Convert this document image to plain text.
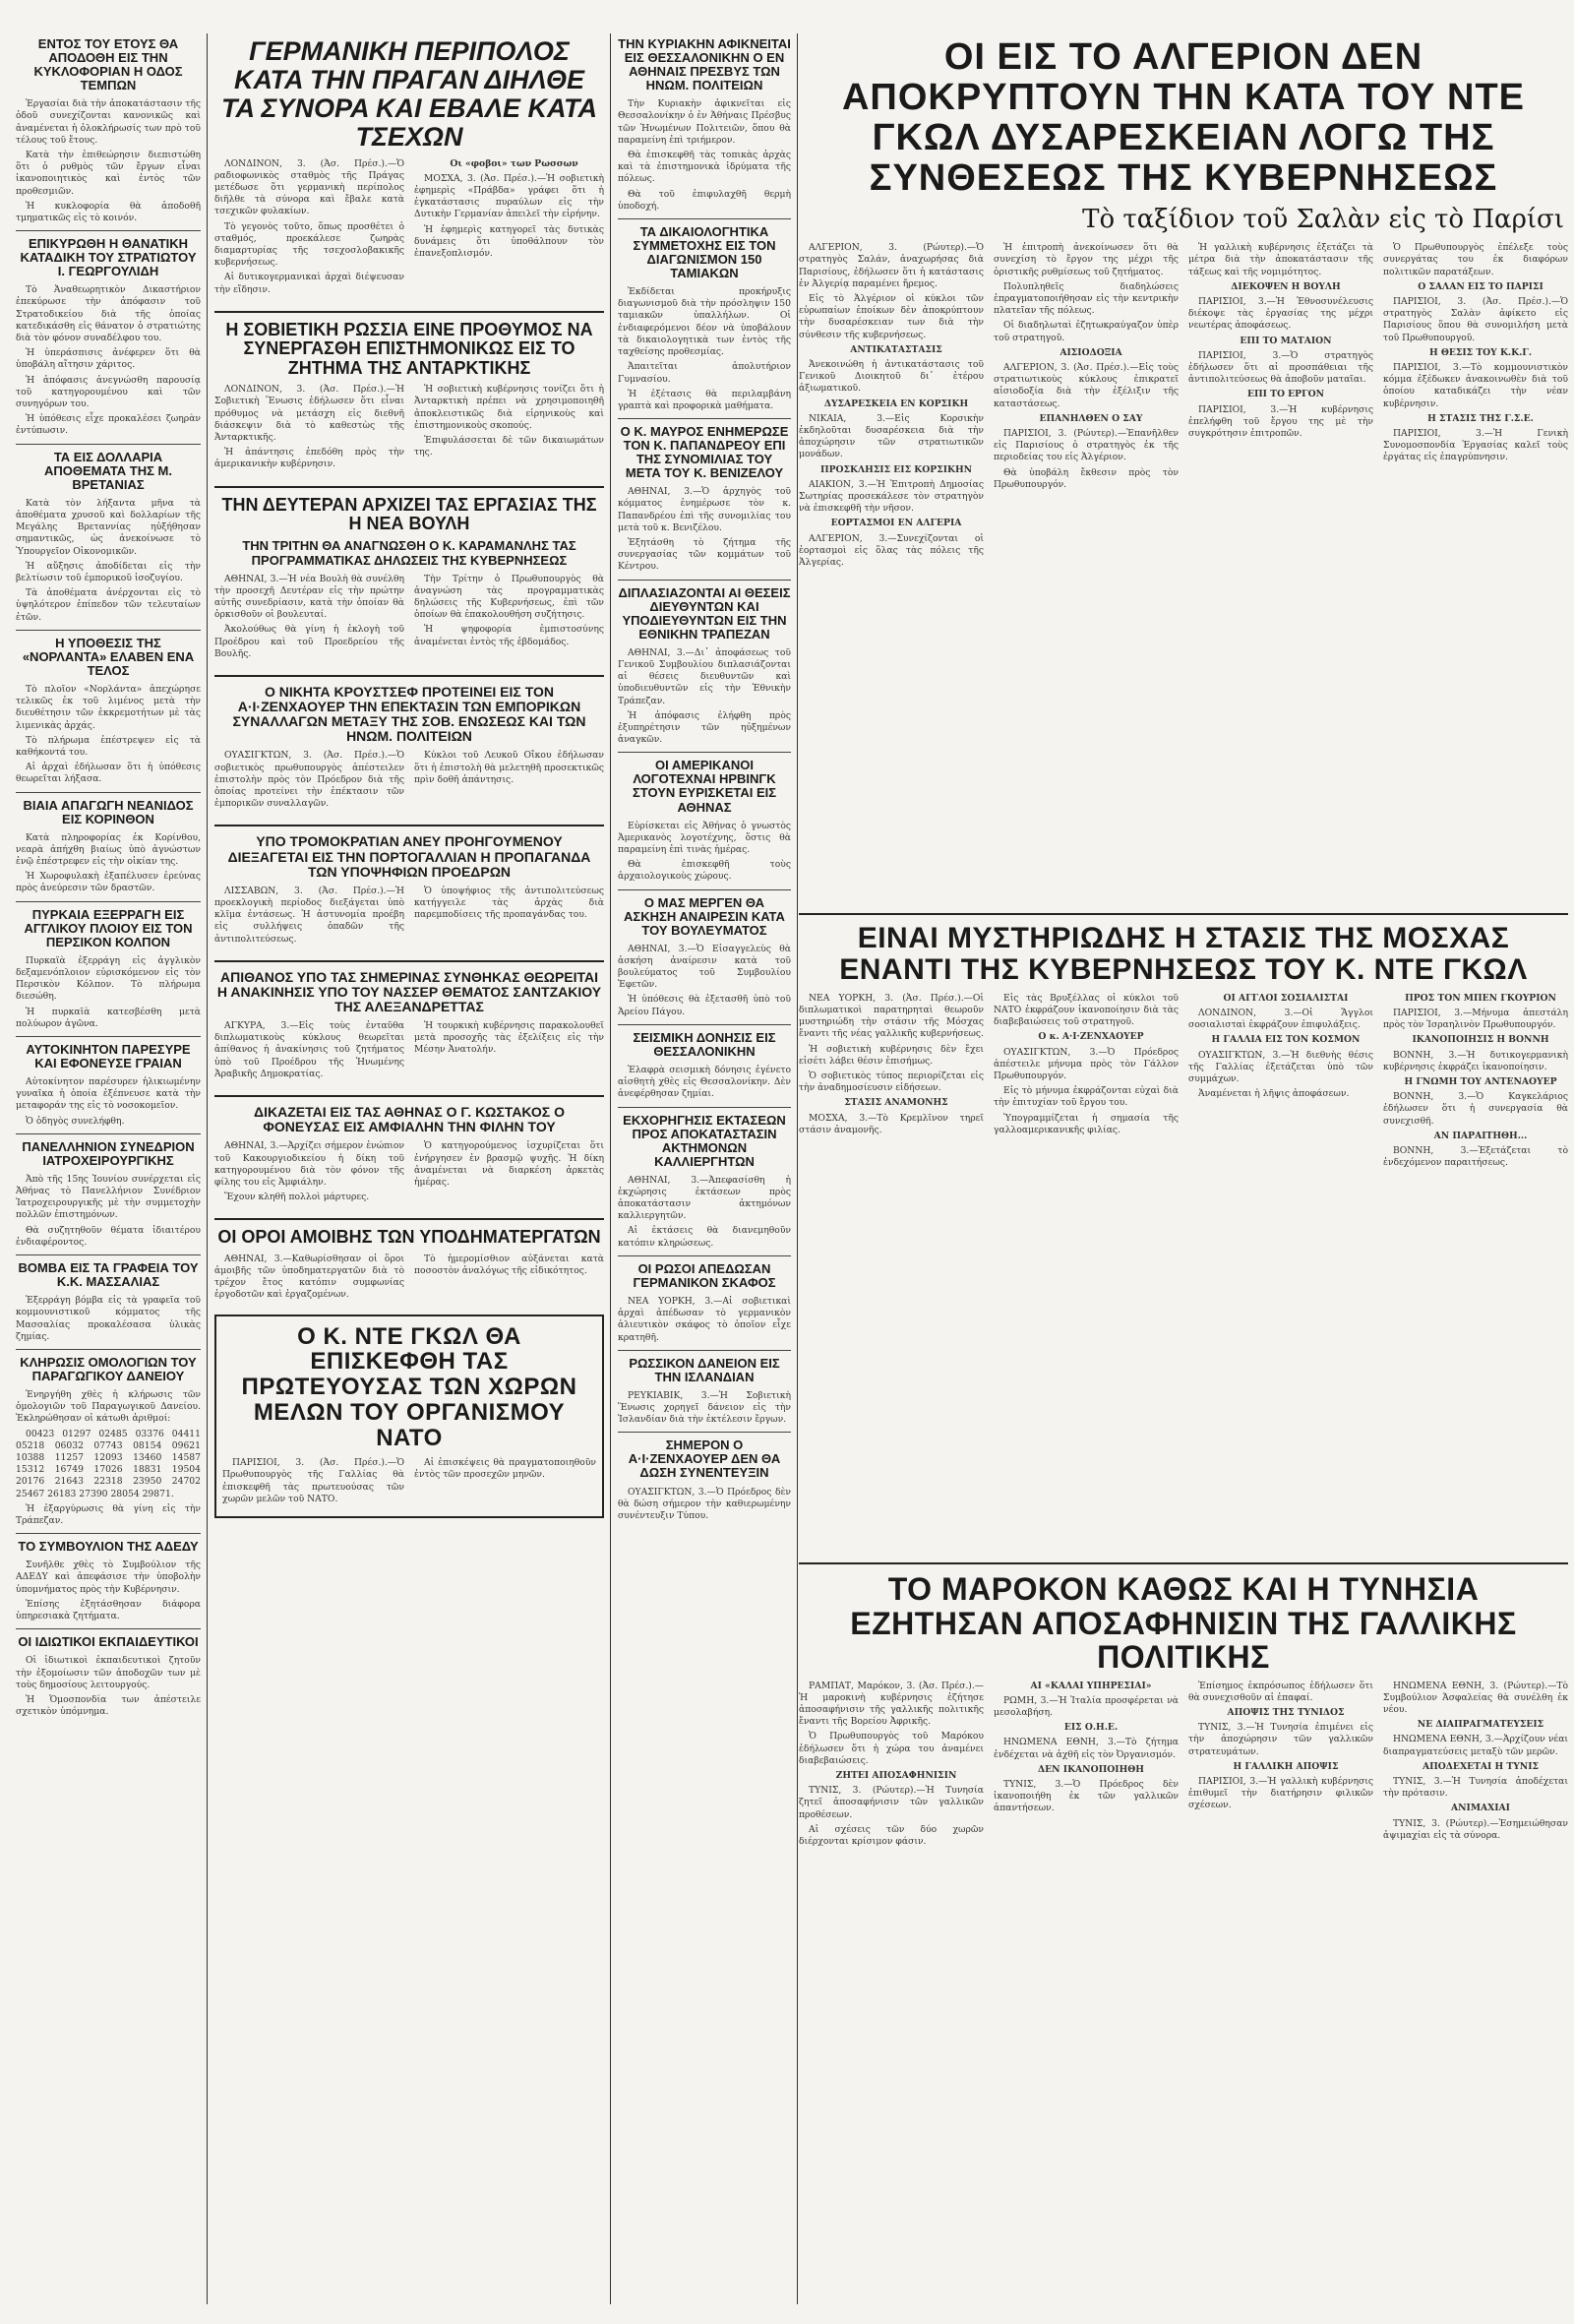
ΕΝΤΟΣ ΤΟΥ ΕΤΟΥΣ ΘΑ ΑΠΟΔΟΘΗ ΕΙΣ ΤΗΝ ΚΥΚΛΟΦΟΡΙΑΝ Η ΟΔΟΣ ΤΕΜΠΩΝ

Ἐργασίαι διὰ τὴν ἀποκατάστασιν τῆς ὁδοῦ συνεχίζονται κανονικῶς καὶ ἀναμένεται ἡ ὁλοκλήρωσίς των πρὸ τοῦ τέλους τοῦ ἔτους.

Κατὰ τὴν ἐπιθεώρησιν διεπιστώθη ὅτι ὁ ρυθμὸς τῶν ἔργων εἶναι ἱκανοποιητικὸς καὶ ἐντὸς τῶν προθεσμιῶν.

Ἡ κυκλοφορία θὰ ἀποδοθῆ τμηματικῶς εἰς τὸ κοινόν.

ΕΠΙΚΥΡΩΘΗ Η ΘΑΝΑΤΙΚΗ ΚΑΤΑΔΙΚΗ ΤΟΥ ΣΤΡΑΤΙΩΤΟΥ Ι. ΓΕΩΡΓΟΥΛΙΔΗ

Τὸ Ἀναθεωρητικὸν Δικαστήριον ἐπεκύρωσε τὴν ἀπόφασιν τοῦ Στρατοδικείου διὰ τῆς ὁποίας κατεδικάσθη εἰς θάνατον ὁ στρατιώτης διὰ τὸν φόνον συναδέλφου του.

Ἡ ὑπεράσπισις ἀνέφερεν ὅτι θὰ ὑποβάλη αἴτησιν χάριτος.

Ἡ ἀπόφασις ἀνεγνώσθη παρουσίᾳ τοῦ κατηγορουμένου καὶ τῶν συνηγόρων του.

Ἡ ὑπόθεσις εἶχε προκαλέσει ζωηρὰν ἐντύπωσιν.

ΤΑ ΕΙΣ ΔΟΛΛΑΡΙΑ ΑΠΟΘΕΜΑΤΑ ΤΗΣ Μ. ΒΡΕΤΑΝΙΑΣ

Κατὰ τὸν λήξαντα μῆνα τὰ ἀποθέματα χρυσοῦ καὶ δολλαρίων τῆς Μεγάλης Βρεταννίας ηὐξήθησαν σημαντικῶς, ὡς ἀνεκοίνωσε τὸ Ὑπουργεῖον Οἰκονομικῶν.

Ἡ αὔξησις ἀποδίδεται εἰς τὴν βελτίωσιν τοῦ ἐμπορικοῦ ἰσοζυγίου.

Τὰ ἀποθέματα ἀνέρχονται εἰς τὸ ὑψηλότερον ἐπίπεδον τῶν τελευταίων ἐτῶν.

Η ΥΠΟΘΕΣΙΣ ΤΗΣ «ΝΟΡΛΑΝΤΑ» ΕΛΑΒΕΝ ΕΝΑ ΤΕΛΟΣ

Τὸ πλοῖον «Νορλάντα» ἀπεχώρησε τελικῶς ἐκ τοῦ λιμένος μετὰ τὴν διευθέτησιν τῶν ἐκκρεμοτήτων μὲ τὰς λιμενικὰς ἀρχάς.

Τὸ πλήρωμα ἐπέστρεψεν εἰς τὰ καθήκοντά του.

Αἱ ἀρχαὶ ἐδήλωσαν ὅτι ἡ ὑπόθεσις θεωρεῖται λήξασα.

ΒΙΑΙΑ ΑΠΑΓΩΓΗ ΝΕΑΝΙΔΟΣ ΕΙΣ ΚΟΡΙΝΘΟΝ

Κατὰ πληροφορίας ἐκ Κορίνθου, νεαρὰ ἀπήχθη βιαίως ὑπὸ ἀγνώστων ἐνῷ ἐπέστρεφεν εἰς τὴν οἰκίαν της.

Ἡ Χωροφυλακὴ ἐξαπέλυσεν ἐρεύνας πρὸς ἀνεύρεσιν τῶν δραστῶν.

ΠΥΡΚΑΙΑ ΕΞΕΡΡΑΓΗ ΕΙΣ ΑΓΓΛΙΚΟΥ ΠΛΟΙΟΥ ΕΙΣ ΤΟΝ ΠΕΡΣΙΚΟΝ ΚΟΛΠΟΝ

Πυρκαϊὰ ἐξερράγη εἰς ἀγγλικὸν δεξαμενόπλοιον εὑρισκόμενον εἰς τὸν Περσικὸν Κόλπον. Τὸ πλήρωμα διεσώθη.

Ἡ πυρκαϊὰ κατεσβέσθη μετὰ πολύωρον ἀγῶνα.

ΑΥΤΟΚΙΝΗΤΟΝ ΠΑΡΕΣΥΡΕ ΚΑΙ ΕΦΟΝΕΥΣΕ ΓΡΑΙΑΝ

Αὐτοκίνητον παρέσυρεν ἡλικιωμένην γυναῖκα ἡ ὁποία ἐξέπνευσε κατὰ τὴν μεταφοράν της εἰς τὸ νοσοκομεῖον.

Ὁ ὁδηγὸς συνελήφθη.

ΠΑΝΕΛΛΗΝΙΟΝ ΣΥΝΕΔΡΙΟΝ ΙΑΤΡΟΧΕΙΡΟΥΡΓΙΚΗΣ

Ἀπὸ τῆς 15ης Ἰουνίου συνέρχεται εἰς Ἀθήνας τὸ Πανελλήνιον Συνέδριον Ἰατροχειρουργικῆς μὲ τὴν συμμετοχὴν πολλῶν ἐπιστημόνων.

Θὰ συζητηθοῦν θέματα ἰδιαιτέρου ἐνδιαφέροντος.

ΒΟΜΒΑ ΕΙΣ ΤΑ ΓΡΑΦΕΙΑ ΤΟΥ Κ.Κ. ΜΑΣΣΑΛΙΑΣ

Ἐξερράγη βόμβα εἰς τὰ γραφεῖα τοῦ κομμουνιστικοῦ κόμματος τῆς Μασσαλίας προκαλέσασα ὑλικὰς ζημίας.

ΚΛΗΡΩΣΙΣ ΟΜΟΛΟΓΙΩΝ ΤΟΥ ΠΑΡΑΓΩΓΙΚΟΥ ΔΑΝΕΙΟΥ

Ἐνηργήθη χθὲς ἡ κλήρωσις τῶν ὁμολογιῶν τοῦ Παραγωγικοῦ Δανείου. Ἐκληρώθησαν οἱ κάτωθι ἀριθμοί:

00423 01297 02485 03376 04411 05218 06032 07743 08154 09621 10388 11257 12093 13460 14587 15312 16749 17026 18831 19504 20176 21643 22318 23950 24702 25467 26183 27390 28054 29871.

Ἡ ἐξαργύρωσις θὰ γίνη εἰς τὴν Τράπεζαν.

ΤΟ ΣΥΜΒΟΥΛΙΟΝ ΤΗΣ ΑΔΕΔΥ

Συνῆλθε χθὲς τὸ Συμβούλιον τῆς ΑΔΕΔΥ καὶ ἀπεφάσισε τὴν ὑποβολὴν ὑπομνήματος πρὸς τὴν Κυβέρνησιν.

Ἐπίσης ἐξητάσθησαν διάφορα ὑπηρεσιακὰ ζητήματα.

ΟΙ ΙΔΙΩΤΙΚΟΙ ΕΚΠΑΙΔΕΥΤΙΚΟΙ

Οἱ ἰδιωτικοὶ ἐκπαιδευτικοὶ ζητοῦν τὴν ἐξομοίωσιν τῶν ἀποδοχῶν των μὲ τοὺς δημοσίους λειτουργούς.

Ἡ Ὁμοσπονδία των ἀπέστειλε σχετικὸν ὑπόμνημα.

ΓΕΡΜΑΝΙΚΗ ΠΕΡΙΠΟΛΟΣ ΚΑΤΑ ΤΗΝ ΠΡΑΓΑΝ ΔΙΗΛΘΕ ΤΑ ΣΥΝΟΡΑ ΚΑΙ ΕΒΑΛΕ ΚΑΤΑ ΤΣΕΧΩΝ

ΛΟΝΔΙΝΟΝ, 3. (Ἀσ. Πρέσ.).—Ὁ ραδιοφωνικὸς σταθμὸς τῆς Πράγας μετέδωσε ὅτι γερμανικὴ περίπολος διῆλθε τὰ σύνορα καὶ ἔβαλε κατὰ τσεχικῶν φυλακίων.

Τὸ γεγονὸς τοῦτο, ὅπως προσθέτει ὁ σταθμός, προεκάλεσε ζωηρὰς διαμαρτυρίας τῆς τσεχοσλοβακικῆς κυβερνήσεως.

Αἱ δυτικογερμανικαὶ ἀρχαὶ διέψευσαν τὴν εἴδησιν.

Οι «φοβοι» των Ρωσσων

ΜΟΣΧΑ, 3. (Ἀσ. Πρέσ.).—Ἡ σοβιετικὴ ἐφημερὶς «Πράβδα» γράφει ὅτι ἡ ἐγκατάστασις πυραύλων εἰς τὴν Δυτικὴν Γερμανίαν ἀπειλεῖ τὴν εἰρήνην.

Ἡ ἐφημερὶς κατηγορεῖ τὰς δυτικὰς δυνάμεις ὅτι ὑποθάλπουν τὸν ἐπανεξοπλισμόν.

Η ΣΟΒΙΕΤΙΚΗ ΡΩΣΣΙΑ ΕΙΝΕ ΠΡΟΘΥΜΟΣ ΝΑ ΣΥΝΕΡΓΑΣΘΗ ΕΠΙΣΤΗΜΟΝΙΚΩΣ ΕΙΣ ΤΟ ΖΗΤΗΜΑ ΤΗΣ ΑΝΤΑΡΚΤΙΚΗΣ

ΛΟΝΔΙΝΟΝ, 3. (Ἀσ. Πρέσ.).—Ἡ Σοβιετικὴ Ἕνωσις ἐδήλωσεν ὅτι εἶναι πρόθυμος νὰ μετάσχη εἰς διεθνῆ διάσκεψιν διὰ τὸ καθεστὼς τῆς Ἀνταρκτικῆς.

Ἡ ἀπάντησις ἐπεδόθη πρὸς τὴν ἀμερικανικὴν κυβέρνησιν.

Ἡ σοβιετικὴ κυβέρνησις τονίζει ὅτι ἡ Ἀνταρκτικὴ πρέπει νὰ χρησιμοποιηθῆ ἀποκλειστικῶς διὰ εἰρηνικοὺς καὶ ἐπιστημονικοὺς σκοπούς.

Ἐπιφυλάσσεται δὲ τῶν δικαιωμάτων της.

ΤΗΝ ΔΕΥΤΕΡΑΝ ΑΡΧΙΖΕΙ ΤΑΣ ΕΡΓΑΣΙΑΣ ΤΗΣ Η ΝΕΑ ΒΟΥΛΗ
ΤΗΝ ΤΡΙΤΗΝ ΘΑ ΑΝΑΓΝΩΣΘΗ Ο Κ. ΚΑΡΑΜΑΝΛΗΣ ΤΑΣ ΠΡΟΓΡΑΜΜΑΤΙΚΑΣ ΔΗΛΩΣΕΙΣ ΤΗΣ ΚΥΒΕΡΝΗΣΕΩΣ

ΑΘΗΝΑΙ, 3.—Ἡ νέα Βουλὴ θὰ συνέλθη τὴν προσεχῆ Δευτέραν εἰς τὴν πρώτην αὐτῆς συνεδρίασιν, κατὰ τὴν ὁποίαν θὰ ὁρκισθοῦν οἱ βουλευταί.

Ἀκολούθως θὰ γίνη ἡ ἐκλογὴ τοῦ Προέδρου καὶ τοῦ Προεδρείου τῆς Βουλῆς.

Τὴν Τρίτην ὁ Πρωθυπουργὸς θὰ ἀναγνώση τὰς προγραμματικὰς δηλώσεις τῆς Κυβερνήσεως, ἐπὶ τῶν ὁποίων θὰ ἐπακολουθήση συζήτησις.

Ἡ ψηφοφορία ἐμπιστοσύνης ἀναμένεται ἐντὸς τῆς ἑβδομάδος.

Ο ΝΙΚΗΤΑ ΚΡΟΥΣΤΣΕΦ ΠΡΟΤΕΙΝΕΙ ΕΙΣ ΤΟΝ Α·Ι·ΖΕΝΧΑΟΥΕΡ ΤΗΝ ΕΠΕΚΤΑΣΙΝ ΤΩΝ ΕΜΠΟΡΙΚΩΝ ΣΥΝΑΛΛΑΓΩΝ ΜΕΤΑΞΥ ΤΗΣ ΣΟΒ. ΕΝΩΣΕΩΣ ΚΑΙ ΤΩΝ ΗΝΩΜ. ΠΟΛΙΤΕΙΩΝ

ΟΥΑΣΙΓΚΤΩΝ, 3. (Ἀσ. Πρέσ.).—Ὁ σοβιετικὸς πρωθυπουργὸς ἀπέστειλεν ἐπιστολὴν πρὸς τὸν Πρόεδρον διὰ τῆς ὁποίας προτείνει τὴν ἐπέκτασιν τῶν ἐμπορικῶν συναλλαγῶν.

Κύκλοι τοῦ Λευκοῦ Οἴκου ἐδήλωσαν ὅτι ἡ ἐπιστολὴ θὰ μελετηθῆ προσεκτικῶς πρὶν δοθῆ ἀπάντησις.

ΥΠΟ ΤΡΟΜΟΚΡΑΤΙΑΝ ΑΝΕΥ ΠΡΟΗΓΟΥΜΕΝΟΥ ΔΙΕΞΑΓΕΤΑΙ ΕΙΣ ΤΗΝ ΠΟΡΤΟΓΑΛΛΙΑΝ Η ΠΡΟΠΑΓΑΝΔΑ ΤΩΝ ΥΠΟΨΗΦΙΩΝ ΠΡΟΕΔΡΩΝ

ΛΙΣΣΑΒΩΝ, 3. (Ἀσ. Πρέσ.).—Ἡ προεκλογικὴ περίοδος διεξάγεται ὑπὸ κλῖμα ἐντάσεως. Ἡ ἀστυνομία προέβη εἰς συλλήψεις ὀπαδῶν τῆς ἀντιπολιτεύσεως.

Ὁ ὑποψήφιος τῆς ἀντιπολιτεύσεως κατήγγειλε τὰς ἀρχὰς διὰ παρεμποδίσεις τῆς προπαγάνδας του.

ΑΠΙΘΑΝΟΣ ΥΠΟ ΤΑΣ ΣΗΜΕΡΙΝΑΣ ΣΥΝΘΗΚΑΣ ΘΕΩΡΕΙΤΑΙ Η ΑΝΑΚΙΝΗΣΙΣ ΥΠΟ ΤΟΥ ΝΑΣΣΕΡ ΘΕΜΑΤΟΣ ΣΑΝΤΖΑΚΙΟΥ ΤΗΣ ΑΛΕΞΑΝΔΡΕΤΤΑΣ

ΑΓΚΥΡΑ, 3.—Εἰς τοὺς ἐνταῦθα διπλωματικοὺς κύκλους θεωρεῖται ἀπίθανος ἡ ἀνακίνησις τοῦ ζητήματος ὑπὸ τοῦ Προέδρου τῆς Ἡνωμένης Ἀραβικῆς Δημοκρατίας.

Ἡ τουρκικὴ κυβέρνησις παρακολουθεῖ μετὰ προσοχῆς τὰς ἐξελίξεις εἰς τὴν Μέσην Ἀνατολήν.

ΔΙΚΑΖΕΤΑΙ ΕΙΣ ΤΑΣ ΑΘΗΝΑΣ Ο Γ. ΚΩΣΤΑΚΟΣ Ο ΦΟΝΕΥΣΑΣ ΕΙΣ ΑΜΦΙΑΛΗΝ ΤΗΝ ΦΙΛΗΝ ΤΟΥ

ΑΘΗΝΑΙ, 3.—Ἀρχίζει σήμερον ἐνώπιον τοῦ Κακουργιοδικείου ἡ δίκη τοῦ κατηγορουμένου διὰ τὸν φόνον τῆς φίλης του εἰς Ἀμφιάλην.

Ἔχουν κληθῆ πολλοὶ μάρτυρες.

Ὁ κατηγορούμενος ἰσχυρίζεται ὅτι ἐνήργησεν ἐν βρασμῷ ψυχῆς. Ἡ δίκη ἀναμένεται νὰ διαρκέση ἀρκετὰς ἡμέρας.

ΟΙ ΟΡΟΙ ΑΜΟΙΒΗΣ ΤΩΝ ΥΠΟΔΗΜΑΤΕΡΓΑΤΩΝ

ΑΘΗΝΑΙ, 3.—Καθωρίσθησαν οἱ ὅροι ἀμοιβῆς τῶν ὑποδηματεργατῶν διὰ τὸ τρέχον ἔτος κατόπιν συμφωνίας ἐργοδοτῶν καὶ ἐργαζομένων.

Τὸ ἡμερομίσθιον αὐξάνεται κατὰ ποσοστὸν ἀναλόγως τῆς εἰδικότητος.

Ο Κ. ΝΤΕ ΓΚΩΛ ΘΑ ΕΠΙΣΚΕΦΘΗ ΤΑΣ ΠΡΩΤΕΥΟΥΣΑΣ ΤΩΝ ΧΩΡΩΝ ΜΕΛΩΝ ΤΟΥ ΟΡΓΑΝΙΣΜΟΥ ΝΑΤΟ

ΠΑΡΙΣΙΟΙ, 3. (Ἀσ. Πρέσ.).—Ὁ Πρωθυπουργὸς τῆς Γαλλίας θὰ ἐπισκεφθῆ τὰς πρωτευούσας τῶν χωρῶν μελῶν τοῦ ΝΑΤΟ.

Αἱ ἐπισκέψεις θὰ πραγματοποιηθοῦν ἐντὸς τῶν προσεχῶν μηνῶν.

ΤΗΝ ΚΥΡΙΑΚΗΝ ΑΦΙΚΝΕΙΤΑΙ ΕΙΣ ΘΕΣΣΑΛΟΝΙΚΗΝ Ο ΕΝ ΑΘΗΝΑΙΣ ΠΡΕΣΒΥΣ ΤΩΝ ΗΝΩΜ. ΠΟΛΙΤΕΙΩΝ

Τὴν Κυριακὴν ἀφικνεῖται εἰς Θεσσαλονίκην ὁ ἐν Ἀθήναις Πρέσβυς τῶν Ἡνωμένων Πολιτειῶν, ὅπου θὰ παραμείνη ἐπὶ τριήμερον.

Θὰ ἐπισκεφθῆ τὰς τοπικὰς ἀρχὰς καὶ τὰ ἐπιστημονικὰ ἱδρύματα τῆς πόλεως.

Θὰ τοῦ ἐπιφυλαχθῆ θερμὴ ὑποδοχή.

ΤΑ ΔΙΚΑΙΟΛΟΓΗΤΙΚΑ ΣΥΜΜΕΤΟΧΗΣ ΕΙΣ ΤΟΝ ΔΙΑΓΩΝΙΣΜΟΝ 150 ΤΑΜΙΑΚΩΝ

Ἐκδίδεται προκήρυξις διαγωνισμοῦ διὰ τὴν πρόσληψιν 150 ταμιακῶν ὑπαλλήλων. Οἱ ἐνδιαφερόμενοι δέον νὰ ὑποβάλουν τὰ δικαιολογητικὰ των ἐντὸς τῆς ταχθείσης προθεσμίας.

Ἀπαιτεῖται ἀπολυτήριον Γυμνασίου.

Ἡ ἐξέτασις θὰ περιλαμβάνη γραπτὰ καὶ προφορικὰ μαθήματα.

Ο Κ. ΜΑΥΡΟΣ ΕΝΗΜΕΡΩΣΕ ΤΟΝ Κ. ΠΑΠΑΝΔΡΕΟΥ ΕΠΙ ΤΗΣ ΣΥΝΟΜΙΛΙΑΣ ΤΟΥ ΜΕΤΑ ΤΟΥ Κ. ΒΕΝΙΖΕΛΟΥ

ΑΘΗΝΑΙ, 3.—Ὁ ἀρχηγὸς τοῦ κόμματος ἐνημέρωσε τὸν κ. Παπανδρέου ἐπὶ τῆς συνομιλίας του μετὰ τοῦ κ. Βενιζέλου.

Ἐξητάσθη τὸ ζήτημα τῆς συνεργασίας τῶν κομμάτων τοῦ Κέντρου.

ΔΙΠΛΑΣΙΑΖΟΝΤΑΙ ΑΙ ΘΕΣΕΙΣ ΔΙΕΥΘΥΝΤΩΝ ΚΑΙ ΥΠΟΔΙΕΥΘΥΝΤΩΝ ΕΙΣ ΤΗΝ ΕΘΝΙΚΗΝ ΤΡΑΠΕΖΑΝ

ΑΘΗΝΑΙ, 3.—Δι᾽ ἀποφάσεως τοῦ Γενικοῦ Συμβουλίου διπλασιάζονται αἱ θέσεις διευθυντῶν καὶ ὑποδιευθυντῶν εἰς τὴν Ἐθνικὴν Τράπεζαν.

Ἡ ἀπόφασις ἐλήφθη πρὸς ἐξυπηρέτησιν τῶν ηὐξημένων ἀναγκῶν.

ΟΙ ΑΜΕΡΙΚΑΝΟΙ ΛΟΓΟΤΕΧΝΑΙ ΗΡΒΙΝΓΚ ΣΤΟΥΝ ΕΥΡΙΣΚΕΤΑΙ ΕΙΣ ΑΘΗΝΑΣ

Εὑρίσκεται εἰς Ἀθήνας ὁ γνωστὸς Ἀμερικανὸς λογοτέχνης, ὅστις θὰ παραμείνη ἐπὶ τινὰς ἡμέρας.

Θὰ ἐπισκεφθῆ τοὺς ἀρχαιολογικοὺς χώρους.

Ο ΜΑΣ ΜΕΡΓΕΝ ΘΑ ΑΣΚΗΣΗ ΑΝΑΙΡΕΣΙΝ ΚΑΤΑ ΤΟΥ ΒΟΥΛΕΥΜΑΤΟΣ

ΑΘΗΝΑΙ, 3.—Ὁ Εἰσαγγελεὺς θὰ ἀσκήση ἀναίρεσιν κατὰ τοῦ βουλεύματος τοῦ Συμβουλίου Ἐφετῶν.

Ἡ ὑπόθεσις θὰ ἐξετασθῆ ὑπὸ τοῦ Ἀρείου Πάγου.

ΣΕΙΣΜΙΚΗ ΔΟΝΗΣΙΣ ΕΙΣ ΘΕΣΣΑΛΟΝΙΚΗΝ

Ἐλαφρὰ σεισμικὴ δόνησις ἐγένετο αἰσθητὴ χθὲς εἰς Θεσσαλονίκην. Δὲν ἀνεφέρθησαν ζημίαι.

ΕΚΧΟΡΗΓΗΣΙΣ ΕΚΤΑΣΕΩΝ ΠΡΟΣ ΑΠΟΚΑΤΑΣΤΑΣΙΝ ΑΚΤΗΜΟΝΩΝ ΚΑΛΛΙΕΡΓΗΤΩΝ

ΑΘΗΝΑΙ, 3.—Ἀπεφασίσθη ἡ ἐκχώρησις ἐκτάσεων πρὸς ἀποκατάστασιν ἀκτημόνων καλλιεργητῶν.

Αἱ ἐκτάσεις θὰ διανεμηθοῦν κατόπιν κληρώσεως.

ΟΙ ΡΩΣΟΙ ΑΠΕΔΩΣΑΝ ΓΕΡΜΑΝΙΚΟΝ ΣΚΑΦΟΣ

ΝΕΑ ΥΟΡΚΗ, 3.—Αἱ σοβιετικαὶ ἀρχαὶ ἀπέδωσαν τὸ γερμανικὸν ἁλιευτικὸν σκάφος τὸ ὁποῖον εἶχε κρατηθῆ.

ΡΩΣΣΙΚΟΝ ΔΑΝΕΙΟΝ ΕΙΣ ΤΗΝ ΙΣΛΑΝΔΙΑΝ

ΡΕΥΚΙΑΒΙΚ, 3.—Ἡ Σοβιετικὴ Ἕνωσις χορηγεῖ δάνειον εἰς τὴν Ἰσλανδίαν διὰ τὴν ἐκτέλεσιν ἔργων.

ΣΗΜΕΡΟΝ Ο Α·Ι·ΖΕΝΧΑΟΥΕΡ ΔΕΝ ΘΑ ΔΩΣΗ ΣΥΝΕΝΤΕΥΞΙΝ

ΟΥΑΣΙΓΚΤΩΝ, 3.—Ὁ Πρόεδρος δὲν θὰ δώση σήμερον τὴν καθιερωμένην συνέντευξιν Τύπου.

ΟΙ ΕΙΣ ΤΟ ΑΛΓΕΡΙΟΝ ΔΕΝ ΑΠΟΚΡΥΠΤΟΥΝ ΤΗΝ ΚΑΤΑ ΤΟΥ ΝΤΕ ΓΚΩΛ ΔΥΣΑΡΕΣΚΕΙΑΝ ΛΟΓΩ ΤΗΣ ΣΥΝΘΕΣΕΩΣ ΤΗΣ ΚΥΒΕΡΝΗΣΕΩΣ
Τὸ ταξίδιον τοῦ Σαλὰν εἰς τὸ Παρίσι

ΑΛΓΕΡΙΟΝ, 3. (Ρώυτερ).—Ὁ στρατηγὸς Σαλάν, ἀναχωρήσας διὰ Παρισίους, ἐδήλωσεν ὅτι ἡ κατάστασις ἐν Ἀλγερίᾳ παραμένει ἤρεμος.

Εἰς τὸ Ἀλγέριον οἱ κύκλοι τῶν εὐρωπαίων ἐποίκων δὲν ἀποκρύπτουν τὴν δυσαρέσκειαν των διὰ τὴν σύνθεσιν τῆς κυβερνήσεως.

ΑΝΤΙΚΑΤΑΣΤΑΣΙΣ

Ἀνεκοινώθη ἡ ἀντικατάστασις τοῦ Γενικοῦ Διοικητοῦ δι᾽ ἑτέρου ἀξιωματικοῦ.

ΔΥΣΑΡΕΣΚΕΙΑ ΕΝ ΚΟΡΣΙΚΗ

ΝΙΚΑΙΑ, 3.—Εἰς Κορσικὴν ἐκδηλοῦται δυσαρέσκεια διὰ τὴν ἀποχώρησιν τῶν στρατιωτικῶν μονάδων.

ΠΡΟΣΚΛΗΣΙΣ ΕΙΣ ΚΟΡΣΙΚΗΝ

ΑΙΑΚΙΟΝ, 3.—Ἡ Ἐπιτροπὴ Δημοσίας Σωτηρίας προσεκάλεσε τὸν στρατηγὸν νὰ ἐπισκεφθῆ τὴν νῆσον.

ΕΟΡΤΑΣΜΟΙ ΕΝ ΑΛΓΕΡΙΑ

ΑΛΓΕΡΙΟΝ, 3.—Συνεχίζονται οἱ ἑορτασμοὶ εἰς ὅλας τὰς πόλεις τῆς Ἀλγερίας.

Ἡ ἐπιτροπὴ ἀνεκοίνωσεν ὅτι θὰ συνεχίση τὸ ἔργον της μέχρι τῆς ὁριστικῆς ρυθμίσεως τοῦ ζητήματος.

Πολυπληθεῖς διαδηλώσεις ἐπραγματοποιήθησαν εἰς τὴν κεντρικὴν πλατεῖαν τῆς πόλεως.

Οἱ διαδηλωταὶ ἐζητωκραύγαζον ὑπὲρ τοῦ στρατηγοῦ.

ΑΙΣΙΟΔΟΞΙΑ

ΑΛΓΕΡΙΟΝ, 3. (Ἀσ. Πρέσ.).—Εἰς τοὺς στρατιωτικοὺς κύκλους ἐπικρατεῖ αἰσιοδοξία διὰ τὴν ἐξέλιξιν τῆς καταστάσεως.

ΕΠΑΝΗΛΘΕΝ Ο ΣΑΥ

ΠΑΡΙΣΙΟΙ, 3. (Ρώυτερ).—Ἐπανῆλθεν εἰς Παρισίους ὁ στρατηγὸς ἐκ τῆς περιοδείας του εἰς Ἀλγέριον.

Θὰ ὑποβάλη ἔκθεσιν πρὸς τὸν Πρωθυπουργόν.

Ἡ γαλλικὴ κυβέρνησις ἐξετάζει τὰ μέτρα διὰ τὴν ἀποκατάστασιν τῆς τάξεως καὶ τῆς νομιμότητος.

ΔΙΕΚΟΨΕΝ Η ΒΟΥΛΗ

ΠΑΡΙΣΙΟΙ, 3.—Ἡ Ἐθνοσυνέλευσις διέκοψε τὰς ἐργασίας της μέχρι νεωτέρας ἀποφάσεως.

ΕΠΙ ΤΟ ΜΑΤΑΙΟΝ

ΠΑΡΙΣΙΟΙ, 3.—Ὁ στρατηγὸς ἐδήλωσεν ὅτι αἱ προσπάθειαι τῆς ἀντιπολιτεύσεως θὰ ἀποβοῦν ματαῖαι.

ΕΠΙ ΤΟ ΕΡΓΟΝ

ΠΑΡΙΣΙΟΙ, 3.—Ἡ κυβέρνησις ἐπελήφθη τοῦ ἔργου της μὲ τὴν συγκρότησιν ἐπιτροπῶν.

Ὁ Πρωθυπουργὸς ἐπέλεξε τοὺς συνεργάτας του ἐκ διαφόρων πολιτικῶν παρατάξεων.

Ο ΣΑΛΑΝ ΕΙΣ ΤΟ ΠΑΡΙΣΙ

ΠΑΡΙΣΙΟΙ, 3. (Ἀσ. Πρέσ.).—Ὁ στρατηγὸς Σαλὰν ἀφίκετο εἰς Παρισίους ὅπου θὰ συνομιλήση μετὰ τοῦ Πρωθυπουργοῦ.

Η ΘΕΣΙΣ ΤΟΥ Κ.Κ.Γ.

ΠΑΡΙΣΙΟΙ, 3.—Τὸ κομμουνιστικὸν κόμμα ἐξέδωκεν ἀνακοινωθὲν διὰ τοῦ ὁποίου καταδικάζει τὴν νέαν κυβέρνησιν.

Η ΣΤΑΣΙΣ ΤΗΣ Γ.Σ.Ε.

ΠΑΡΙΣΙΟΙ, 3.—Ἡ Γενικὴ Συνομοσπονδία Ἐργασίας καλεῖ τοὺς ἐργάτας εἰς ἐπαγρύπνησιν.

ΕΙΝΑΙ ΜΥΣΤΗΡΙΩΔΗΣ Η ΣΤΑΣΙΣ ΤΗΣ ΜΟΣΧΑΣ ΕΝΑΝΤΙ ΤΗΣ ΚΥΒΕΡΝΗΣΕΩΣ ΤΟΥ Κ. ΝΤΕ ΓΚΩΛ

ΝΕΑ ΥΟΡΚΗ, 3. (Ἀσ. Πρέσ.).—Οἱ διπλωματικοὶ παρατηρηταὶ θεωροῦν μυστηριώδη τὴν στάσιν τῆς Μόσχας ἔναντι τῆς νέας γαλλικῆς κυβερνήσεως.

Ἡ σοβιετικὴ κυβέρνησις δὲν ἔχει εἰσέτι λάβει θέσιν ἐπισήμως.

Ὁ σοβιετικὸς τύπος περιορίζεται εἰς τὴν ἀναδημοσίευσιν εἰδήσεων.

ΣΤΑΣΙΣ ΑΝΑΜΟΝΗΣ

ΜΟΣΧΑ, 3.—Τὸ Κρεμλῖνον τηρεῖ στάσιν ἀναμονῆς.

Εἰς τὰς Βρυξέλλας οἱ κύκλοι τοῦ ΝΑΤΟ ἐκφράζουν ἱκανοποίησιν διὰ τὰς διαβεβαιώσεις τοῦ στρατηγοῦ.

Ο κ. Α·Ι·ΖΕΝΧΑΟΥΕΡ

ΟΥΑΣΙΓΚΤΩΝ, 3.—Ὁ Πρόεδρος ἀπέστειλε μήνυμα πρὸς τὸν Γάλλον Πρωθυπουργόν.

Εἰς τὸ μήνυμα ἐκφράζονται εὐχαὶ διὰ τὴν ἐπιτυχίαν τοῦ ἔργου του.

Ὑπογραμμίζεται ἡ σημασία τῆς γαλλοαμερικανικῆς φιλίας.

ΟΙ ΑΓΓΛΟΙ ΣΟΣΙΑΛΙΣΤΑΙ

ΛΟΝΔΙΝΟΝ, 3.—Οἱ Ἄγγλοι σοσιαλισταὶ ἐκφράζουν ἐπιφυλάξεις.

Η ΓΑΛΛΙΑ ΕΙΣ ΤΟΝ ΚΟΣΜΟΝ

ΟΥΑΣΙΓΚΤΩΝ, 3.—Ἡ διεθνὴς θέσις τῆς Γαλλίας ἐξετάζεται ὑπὸ τῶν συμμάχων.

Ἀναμένεται ἡ λῆψις ἀποφάσεων.

ΠΡΟΣ ΤΟΝ ΜΠΕΝ ΓΚΟΥΡΙΟΝ

ΠΑΡΙΣΙΟΙ, 3.—Μήνυμα ἀπεστάλη πρὸς τὸν Ἰσραηλινὸν Πρωθυπουργόν.

ΙΚΑΝΟΠΟΙΗΣΙΣ Η ΒΟΝΝΗ

ΒΟΝΝΗ, 3.—Ἡ δυτικογερμανικὴ κυβέρνησις ἐκφράζει ἱκανοποίησιν.

Η ΓΝΩΜΗ ΤΟΥ ΑΝΤΕΝΑΟΥΕΡ

ΒΟΝΝΗ, 3.—Ὁ Καγκελάριος ἐδήλωσεν ὅτι ἡ συνεργασία θὰ συνεχισθῆ.

ΑΝ ΠΑΡΑΙΤΗΘΗ...

ΒΟΝΝΗ, 3.—Ἐξετάζεται τὸ ἐνδεχόμενον παραιτήσεως.

ΤΟ ΜΑΡΟΚΟΝ ΚΑΘΩΣ ΚΑΙ Η ΤΥΝΗΣΙΑ ΕΖΗΤΗΣΑΝ ΑΠΟΣΑΦΗΝΙΣΙΝ ΤΗΣ ΓΑΛΛΙΚΗΣ ΠΟΛΙΤΙΚΗΣ

ΡΑΜΠΑΤ, Μαρόκον, 3. (Ἀσ. Πρέσ.).—Ἡ μαροκινὴ κυβέρνησις ἐζήτησε ἀποσαφήνισιν τῆς γαλλικῆς πολιτικῆς ἔναντι τῆς Βορείου Ἀφρικῆς.

Ὁ Πρωθυπουργὸς τοῦ Μαρόκου ἐδήλωσεν ὅτι ἡ χώρα του ἀναμένει διαβεβαιώσεις.

ΖΗΤΕΙ ΑΠΟΣΑΦΗΝΙΣΙΝ

ΤΥΝΙΣ, 3. (Ρώυτερ).—Ἡ Τυνησία ζητεῖ ἀποσαφήνισιν τῶν γαλλικῶν προθέσεων.

Αἱ σχέσεις τῶν δύο χωρῶν διέρχονται κρίσιμον φάσιν.

ΑΙ «ΚΑΛΑΙ ΥΠΗΡΕΣΙΑΙ»

ΡΩΜΗ, 3.—Ἡ Ἰταλία προσφέρεται νὰ μεσολαβήση.

ΕΙΣ Ο.Η.Ε.

ΗΝΩΜΕΝΑ ΕΘΝΗ, 3.—Τὸ ζήτημα ἐνδέχεται νὰ ἀχθῆ εἰς τὸν Ὀργανισμόν.

ΔΕΝ ΙΚΑΝΟΠΟΙΗΘΗ

ΤΥΝΙΣ, 3.—Ὁ Πρόεδρος δὲν ἱκανοποιήθη ἐκ τῶν γαλλικῶν ἀπαντήσεων.

Ἐπίσημος ἐκπρόσωπος ἐδήλωσεν ὅτι θὰ συνεχισθοῦν αἱ ἐπαφαί.

ΑΠΟΨΙΣ ΤΗΣ ΤΥΝΙΔΟΣ

ΤΥΝΙΣ, 3.—Ἡ Τυνησία ἐπιμένει εἰς τὴν ἀποχώρησιν τῶν γαλλικῶν στρατευμάτων.

Η ΓΑΛΛΙΚΗ ΑΠΟΨΙΣ

ΠΑΡΙΣΙΟΙ, 3.—Ἡ γαλλικὴ κυβέρνησις ἐπιθυμεῖ τὴν διατήρησιν φιλικῶν σχέσεων.

ΗΝΩΜΕΝΑ ΕΘΝΗ, 3. (Ρώυτερ).—Τὸ Συμβούλιον Ἀσφαλείας θὰ συνέλθη ἐκ νέου.

ΝΕ ΔΙΑΠΡΑΓΜΑΤΕΥΣΕΙΣ

ΗΝΩΜΕΝΑ ΕΘΝΗ, 3.—Ἀρχίζουν νέαι διαπραγματεύσεις μεταξὺ τῶν μερῶν.

ΑΠΟΔΕΧΕΤΑΙ Η ΤΥΝΙΣ

ΤΥΝΙΣ, 3.—Ἡ Τυνησία ἀποδέχεται τὴν πρότασιν.

ΑΝΙΜΑΧΙΑΙ

ΤΥΝΙΣ, 3. (Ρώυτερ).—Ἐσημειώθησαν ἀψιμαχίαι εἰς τὰ σύνορα.
